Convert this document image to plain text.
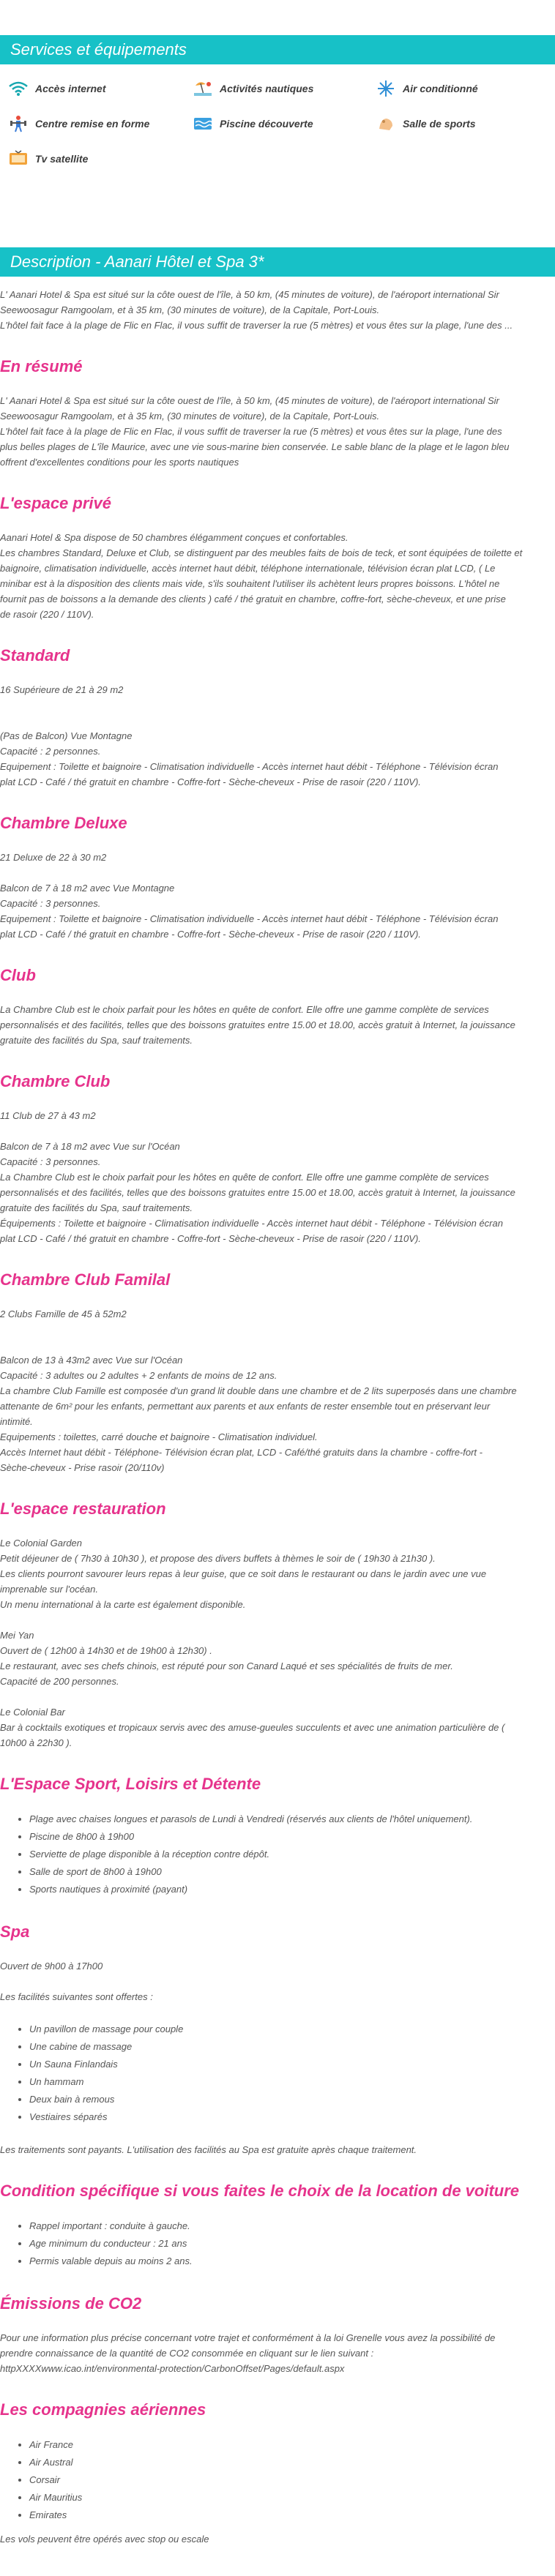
Services et équipements
Accès internet	Activités nautiques	Air conditionné
Centre remise en forme	Piscine découverte	Salle de sports
Tv satellite
Description - Aanari Hôtel et Spa 3*

L' Aanari Hotel & Spa est situé sur la côte ouest de l'île, à 50 km, (45 minutes de voiture), de l'aéroport international Sir
Seewoosagur Ramgoolam, et à 35 km, (30 minutes de voiture), de la Capitale, Port-Louis.
L'hôtel fait face à la plage de Flic en Flac, il vous suffit de traverser la rue (5 mètres) et vous êtes sur la plage, l'une des ...

En résumé

L' Aanari Hotel & Spa est situé sur la côte ouest de l'île, à 50 km, (45 minutes de voiture), de l'aéroport international Sir
Seewoosagur Ramgoolam, et à 35 km, (30 minutes de voiture), de la Capitale, Port-Louis.
L'hôtel fait face à la plage de Flic en Flac, il vous suffit de traverser la rue (5 mètres) et vous êtes sur la plage, l'une des
plus belles plages de L'île Maurice, avec une vie sous-marine bien conservée. Le sable blanc de la plage et le lagon bleu
offrent d'excellentes conditions pour les sports nautiques

L'espace privé

Aanari Hotel & Spa dispose de 50 chambres élégamment conçues et confortables.
Les chambres Standard, Deluxe et Club, se distinguent par des meubles faits de bois de teck, et sont équipées de toilette et
baignoire, climatisation individuelle, accès internet haut débit, téléphone internationale, télévision écran plat LCD, ( Le
minibar est à la disposition des clients mais vide, s'ils souhaitent l'utiliser ils achètent leurs propres boissons. L'hôtel ne
fournit pas de boissons a la demande des clients ) café / thé gratuit en chambre, coffre-fort, sèche-cheveux, et une prise
de rasoir (220 / 110V).

Standard

16 Supérieure de 21 à 29 m2

(Pas de Balcon) Vue Montagne
Capacité : 2 personnes.
Equipement : Toilette et baignoire - Climatisation individuelle - Accès internet haut débit - Téléphone - Télévision écran
plat LCD - Café / thé gratuit en chambre - Coffre-fort - Sèche-cheveux - Prise de rasoir (220 / 110V).

Chambre Deluxe

21 Deluxe de 22 à 30 m2

Balcon de 7 à 18 m2 avec Vue Montagne
Capacité : 3 personnes.
Equipement : Toilette et baignoire - Climatisation individuelle - Accès internet haut débit - Téléphone - Télévision écran
plat LCD - Café / thé gratuit en chambre - Coffre-fort - Sèche-cheveux - Prise de rasoir (220 / 110V).

Club

La Chambre Club est le choix parfait pour les hôtes en quête de confort. Elle offre une gamme complète de services
personnalisés et des facilités, telles que des boissons gratuites entre 15.00 et 18.00, accès gratuit à Internet, la jouissance
gratuite des facilités du Spa, sauf traitements.

Chambre Club

11 Club de 27 à 43 m2

Balcon de 7 à 18 m2 avec Vue sur l'Océan
Capacité : 3 personnes.
La Chambre Club est le choix parfait pour les hôtes en quête de confort. Elle offre une gamme complète de services
personnalisés et des facilités, telles que des boissons gratuites entre 15.00 et 18.00, accès gratuit à Internet, la jouissance
gratuite des facilités du Spa, sauf traitements.
Équipements : Toilette et baignoire - Climatisation individuelle - Accès internet haut débit - Téléphone - Télévision écran
plat LCD - Café / thé gratuit en chambre - Coffre-fort - Sèche-cheveux - Prise de rasoir (220 / 110V).

Chambre Club Familal

2 Clubs Famille de 45 à 52m2

Balcon de 13 à 43m2 avec Vue sur l'Océan
Capacité : 3 adultes ou 2 adultes + 2 enfants de moins de 12 ans.
La chambre Club Famille est composée d'un grand lit double dans une chambre et de 2 lits superposés dans une chambre
attenante de 6m² pour les enfants, permettant aux parents et aux enfants de rester ensemble tout en préservant leur
intimité.
Equipements : toilettes, carré douche et baignoire - Climatisation individuel.
Accès Internet haut débit - Téléphone- Télévision écran plat, LCD - Café/thé gratuits dans la chambre - coffre-fort -
Sèche-cheveux - Prise rasoir (20/110v)

L'espace restauration

Le Colonial Garden
Petit déjeuner de ( 7h30 à 10h30 ), et propose des divers buffets à thèmes le soir de ( 19h30 à 21h30 ).
Les clients pourront savourer leurs repas à leur guise, que ce soit dans le restaurant ou dans le jardin avec une vue
imprenable sur l'océan.
Un menu international à la carte est également disponible.

Mei Yan
Ouvert de ( 12h00 à 14h30 et de 19h00 à 12h30) .
Le restaurant, avec ses chefs chinois, est réputé pour son Canard Laqué et ses spécialités de fruits de mer.
Capacité de 200 personnes.

Le Colonial Bar
Bar à cocktails exotiques et tropicaux servis avec des amuse-gueules succulents et avec une animation particulière de (
10h00 à 22h30 ).

L'Espace Sport, Loisirs et Détente
• Plage avec chaises longues et parasols de Lundi à Vendredi (réservés aux clients de l'hôtel uniquement).
• Piscine de 8h00 à 19h00
• Serviette de plage disponible à la réception contre dépôt.
• Salle de sport de 8h00 à 19h00
• Sports nautiques à proximité (payant)
Spa

Ouvert de 9h00 à 17h00

Les facilités suivantes sont offertes :

• Un pavillon de massage pour couple
• Une cabine de massage
• Un Sauna Finlandais
• Un hammam
• Deux bain à remous
• Vestiaires séparés

Les traitements sont payants. L'utilisation des facilités au Spa est gratuite après chaque traitement.

Condition spécifique si vous faites le choix de la location de voiture
• Rappel important : conduite à gauche.
• Age minimum du conducteur : 21 ans
• Permis valable depuis au moins 2 ans.
Émissions de CO2

Pour une information plus précise concernant votre trajet et conformément à la loi Grenelle vous avez la possibilité de
prendre connaissance de la quantité de CO2 consommée en cliquant sur le lien suivant :
httpXXXXwww.icao.int/environmental-protection/CarbonOffset/Pages/default.aspx

Les compagnies aériennes
• Air France
• Air Austral
• Corsair
• Air Mauritius
• Emirates

Les vols peuvent être opérés avec stop ou escale
